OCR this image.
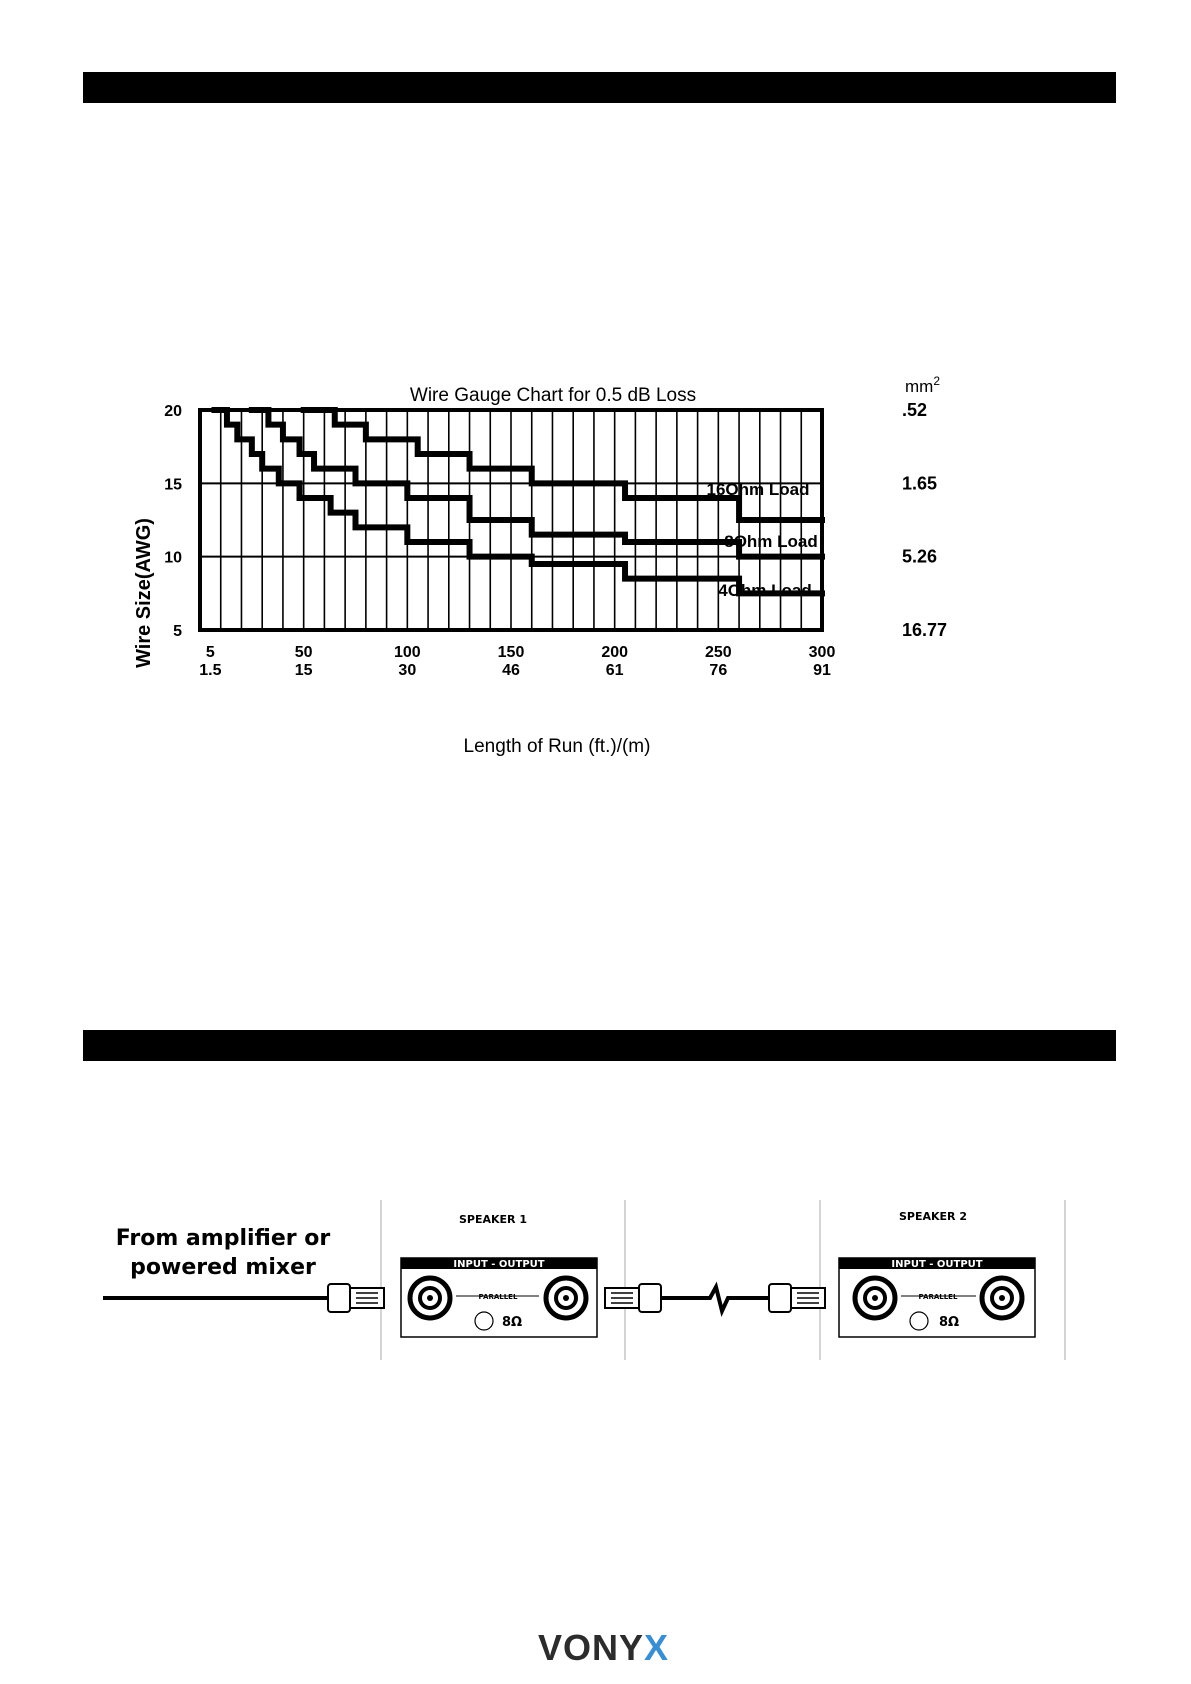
Wire Gauge Chart for 0.5 dB Loss	$mm^2$
Wire Size(AWG)
Length of Run (ft.)/(m)
5
1.5
50
15
100
30
150
46
200
61
250
76
300
91
20	.52
15	1.65
10	5.26
5	16.77
16Ohm Load
8Ohm Load
4Ohm Load
From amplifier or
powered mixer
SPEAKER 1
INPUT - OUTPUT
PARALLEL
8Ω
SPEAKER 2
INPUT - OUTPUT
PARALLEL
8Ω
VONYX
